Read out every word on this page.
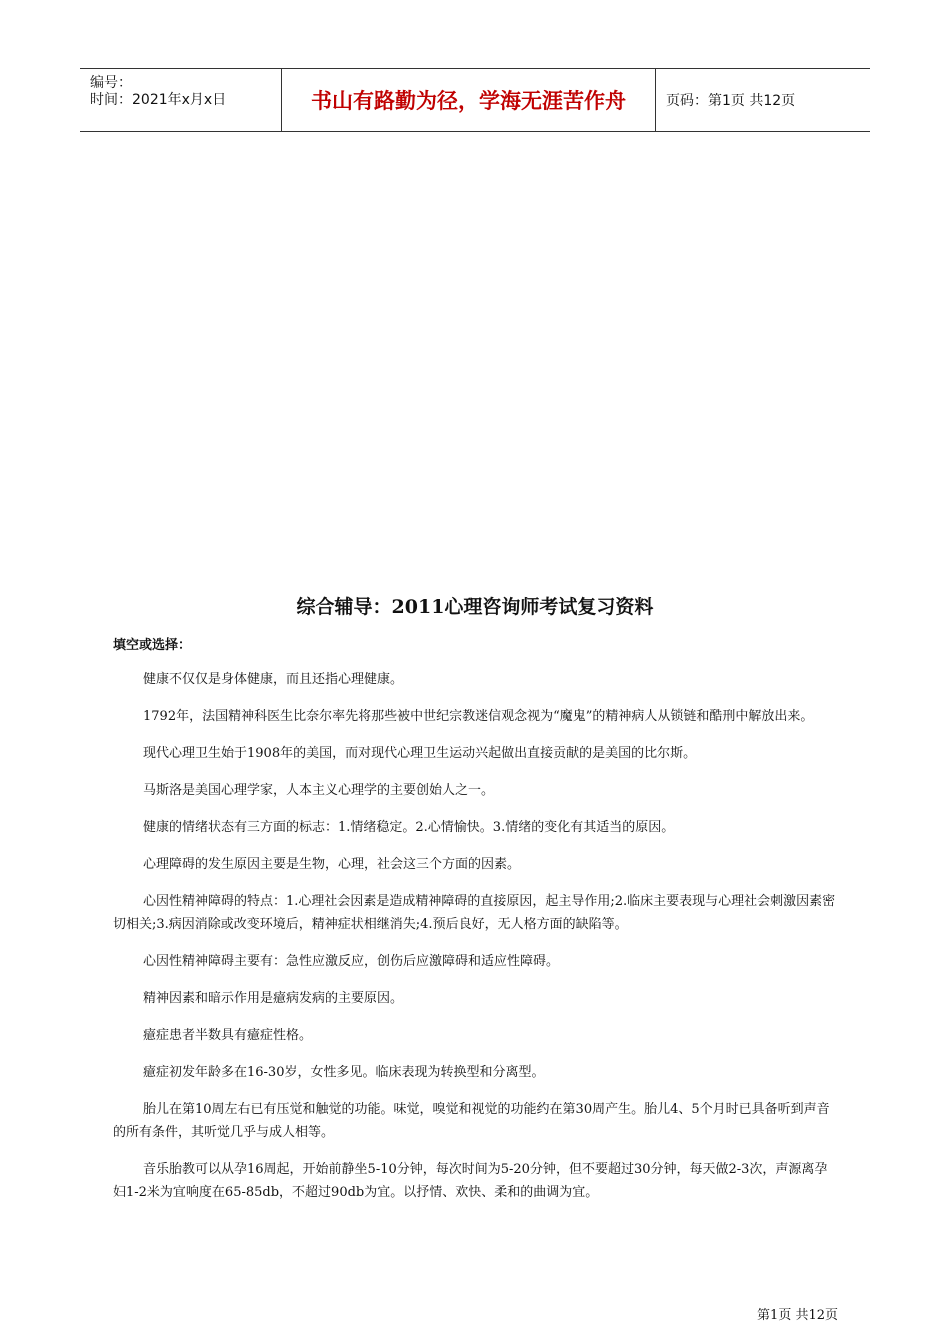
编号：
时间：2021年x月x日	书山有路勤为径，学海无涯苦作舟	页码：第1页 共12页
综合辅导：2011心理咨询师考试复习资料
填空或选择：

健康不仅仅是身体健康，而且还指心理健康。

1792年，法国精神科医生比奈尔率先将那些被中世纪宗教迷信观念视为“魔鬼”的精神病人从锁链和酷刑中解放出来。

现代心理卫生始于1908年的美国，而对现代心理卫生运动兴起做出直接贡献的是美国的比尔斯。

马斯洛是美国心理学家，人本主义心理学的主要创始人之一。

健康的情绪状态有三方面的标志：1.情绪稳定。2.心情愉快。3.情绪的变化有其适当的原因。

心理障碍的发生原因主要是生物，心理，社会这三个方面的因素。

心因性精神障碍的特点：1.心理社会因素是造成精神障碍的直接原因，起主导作用;2.临床主要表现与心理社会刺激因素密切相关;3.病因消除或改变环境后，精神症状相继消失;4.预后良好，无人格方面的缺陷等。

心因性精神障碍主要有：急性应激反应，创伤后应激障碍和适应性障碍。

精神因素和暗示作用是癔病发病的主要原因。

癔症患者半数具有癔症性格。

癔症初发年龄多在16-30岁，女性多见。临床表现为转换型和分离型。

胎儿在第10周左右已有压觉和触觉的功能。味觉，嗅觉和视觉的功能约在第30周产生。胎儿4、5个月时已具备听到声音的所有条件，其听觉几乎与成人相等。

音乐胎教可以从孕16周起，开始前静坐5-10分钟，每次时间为5-20分钟，但不要超过30分钟，每天做2-3次，声源离孕妇1-2米为宜响度在65-85db，不超过90db为宜。以抒情、欢快、柔和的曲调为宜。

第1页 共12页
